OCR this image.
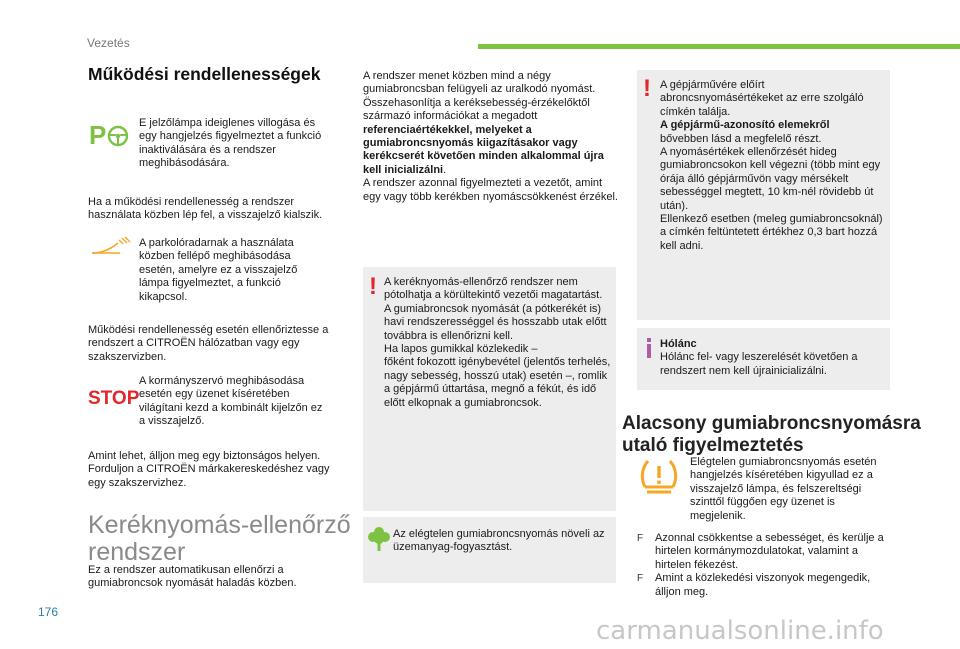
Vezetés
Működési rendellenességek
P	E jelzőlámpa ideiglenes villogása és egy hangjelzés figyelmeztet a funkció inaktiválására és a rendszer meghibásodására.
Ha a működési rendellenesség a rendszer használata közben lép fel, a visszajelző kialszik.
A parkolóradarnak a használata közben fellépő meghibásodása esetén, amelyre ez a visszajelző lámpa figyelmeztet, a funkció kikapcsol.
Működési rendellenesség esetén ellenőriztesse a rendszert a CITROËN hálózatban vagy egy szakszervizben.
STOP
A kormányszervó meghibásodása esetén egy üzenet kíséretében világítani kezd a kombinált kijelzőn ez a visszajelző.
Amint lehet, álljon meg egy biztonságos helyen. Forduljon a CITROËN márkakereskedéshez vagy egy szakszervizhez.
Keréknyomás-ellenőrző
rendszer
Ez a rendszer automatikusan ellenőrzi a gumiabroncsok nyomását haladás közben.
A rendszer menet közben mind a négy gumiabroncsban felügyeli az uralkodó nyomást. Összehasonlítja a keréksebesség-érzékelőktől származó információkat a megadott referenciaértékekkel, melyeket a gumiabroncsnyomás kiigazításakor vagy kerékcserét követően minden alkalommal újra kell inicializálni.
A rendszer azonnal figyelmezteti a vezetőt, amint egy vagy több kerékben nyomáscsökkenést érzékel.
! A keréknyomás-ellenőrző rendszer nem pótolhatja a körültekintő vezetői magatartást.
A gumiabroncsok nyomását (a pótkerékét is) havi rendszerességgel és hosszabb utak előtt továbbra is ellenőrizni kell.
Ha lapos gumikkal közlekedik –
főként fokozott igénybevétel (jelentős terhelés, nagy sebesség, hosszú utak) esetén –, romlik a gépjármű úttartása, megnő a fékút, és idő előtt elkopnak a gumiabroncsok.
Az elégtelen gumiabroncsnyomás növeli az üzemanyag-fogyasztást.
! A gépjárművére előírt abroncsnyomásértékeket az erre szolgáló címkén találja.
A gépjármű-azonosító elemekről
bővebben lásd a megfelelő részt.
A nyomásértékek ellenőrzését hideg gumiabroncsokon kell végezni (több mint egy órája álló gépjárművön vagy mérsékelt sebességgel megtett, 10 km-nél rövidebb út után).
Ellenkező esetben (meleg gumiabroncsoknál) a címkén feltüntetett értékhez 0,3 bart hozzá kell adni.
Hólánc
Hólánc fel- vagy leszerelését követően a rendszert nem kell újrainicializálni.
Alacsony gumiabroncsnyomásra
utaló figyelmeztetés
Elégtelen gumiabroncsnyomás esetén hangjelzés kíséretében kigyullad ez a visszajelző lámpa, és felszereltségi szinttől függően egy üzenet is megjelenik.
F Azonnal csökkentse a sebességet, és kerülje a hirtelen kormánymozdulatokat, valamint a hirtelen fékezést.
F Amint a közlekedési viszonyok megengedik, álljon meg.
176
carmanualsonline.info
